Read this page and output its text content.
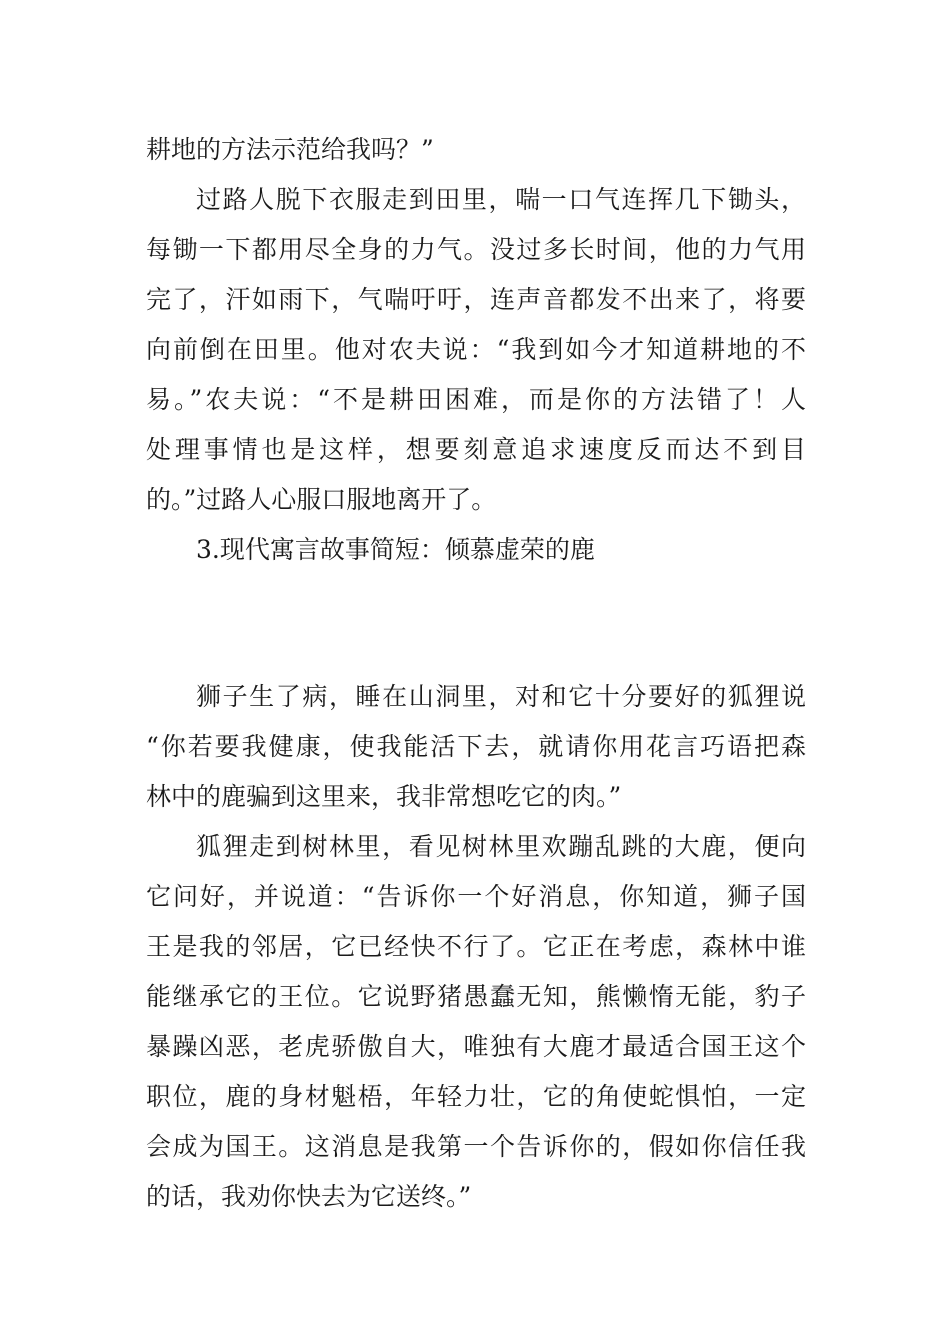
耕地的方法示范给我吗？”
过路人脱下衣服走到田里，喘一口气连挥几下锄头，
每锄一下都用尽全身的力气。没过多长时间，他的力气用
完了，汗如雨下，气喘吁吁，连声音都发不出来了，将要
向前倒在田里。他对农夫说：“我到如今才知道耕地的不
易。”农夫说：“不是耕田困难，而是你的方法错了！人
处理事情也是这样，想要刻意追求速度反而达不到目
的。”过路人心服口服地离开了。
3.现代寓言故事简短：倾慕虚荣的鹿
狮子生了病，睡在山洞里，对和它十分要好的狐狸说
“你若要我健康，使我能活下去，就请你用花言巧语把森
林中的鹿骗到这里来，我非常想吃它的肉。”
狐狸走到树林里，看见树林里欢蹦乱跳的大鹿，便向
它问好，并说道：“告诉你一个好消息，你知道，狮子国
王是我的邻居，它已经快不行了。它正在考虑，森林中谁
能继承它的王位。它说野猪愚蠢无知，熊懒惰无能，豹子
暴躁凶恶，老虎骄傲自大，唯独有大鹿才最适合国王这个
职位，鹿的身材魁梧，年轻力壮，它的角使蛇惧怕，一定
会成为国王。这消息是我第一个告诉你的，假如你信任我
的话，我劝你快去为它送终。”
